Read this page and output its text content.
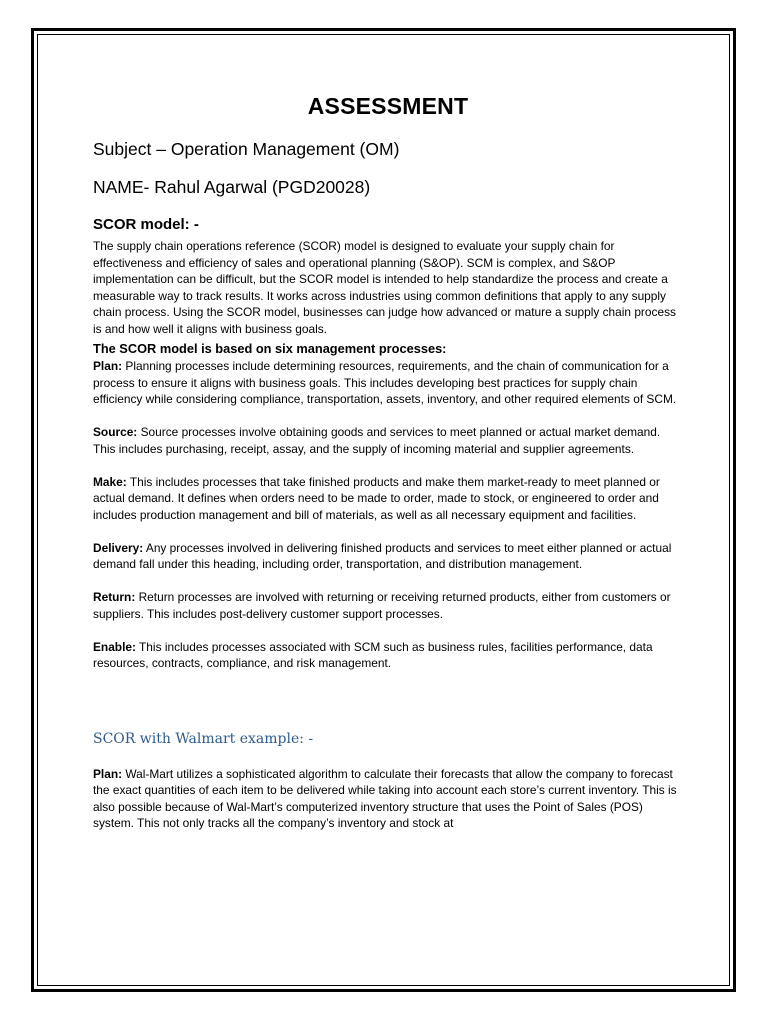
ASSESSMENT
Subject – Operation Management (OM)
NAME- Rahul Agarwal (PGD20028)
SCOR model: -
The supply chain operations reference (SCOR) model is designed to evaluate your supply chain for effectiveness and efficiency of sales and operational planning (S&OP). SCM is complex, and S&OP implementation can be difficult, but the SCOR model is intended to help standardize the process and create a measurable way to track results. It works across industries using common definitions that apply to any supply chain process. Using the SCOR model, businesses can judge how advanced or mature a supply chain process is and how well it aligns with business goals.
The SCOR model is based on six management processes:
Plan: Planning processes include determining resources, requirements, and the chain of communication for a process to ensure it aligns with business goals. This includes developing best practices for supply chain efficiency while considering compliance, transportation, assets, inventory, and other required elements of SCM.
Source: Source processes involve obtaining goods and services to meet planned or actual market demand. This includes purchasing, receipt, assay, and the supply of incoming material and supplier agreements.
Make: This includes processes that take finished products and make them market-ready to meet planned or actual demand. It defines when orders need to be made to order, made to stock, or engineered to order and includes production management and bill of materials, as well as all necessary equipment and facilities.
Delivery: Any processes involved in delivering finished products and services to meet either planned or actual demand fall under this heading, including order, transportation, and distribution management.
Return: Return processes are involved with returning or receiving returned products, either from customers or suppliers. This includes post-delivery customer support processes.
Enable: This includes processes associated with SCM such as business rules, facilities performance, data resources, contracts, compliance, and risk management.
SCOR with Walmart example: -
Plan: Wal-Mart utilizes a sophisticated algorithm to calculate their forecasts that allow the company to forecast the exact quantities of each item to be delivered while taking into account each store’s current inventory. This is also possible because of Wal-Mart’s computerized inventory structure that uses the Point of Sales (POS) system. This not only tracks all the company’s inventory and stock at
